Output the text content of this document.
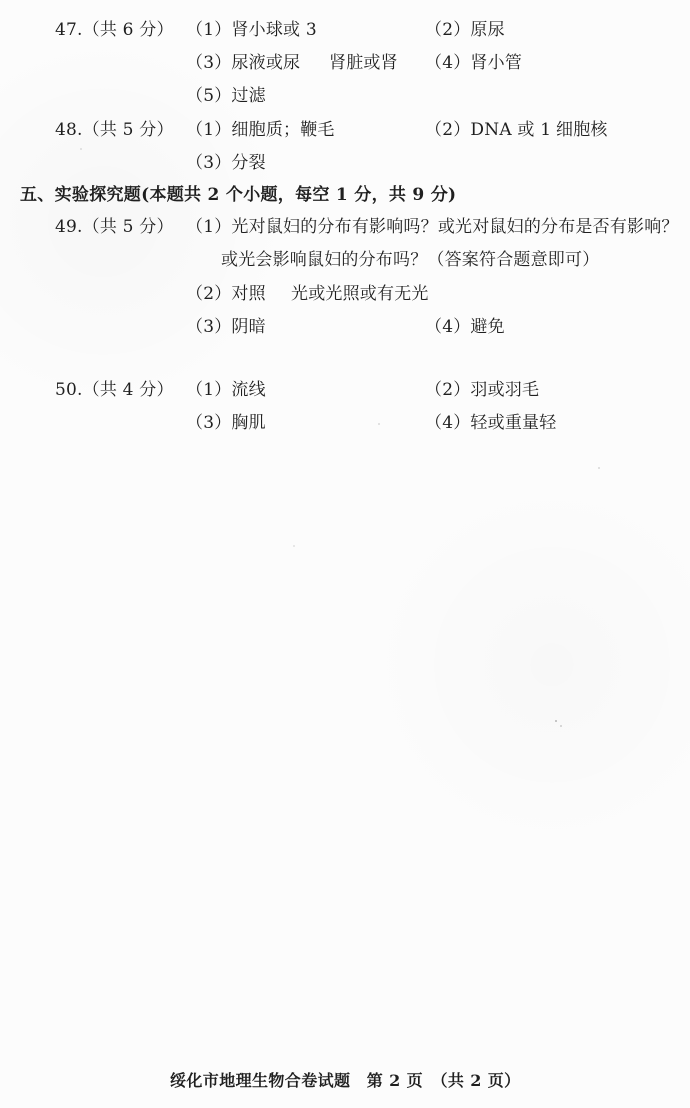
47.（共 6 分） （1）肾小球或 3	（2）原尿
（3）尿液或尿 肾脏或肾 （4）肾小管
（5）过滤
48.（共 5 分） （1）细胞质；鞭毛	（2）DNA 或 1 细胞核
（3）分裂
五、实验探究题(本题共 2 个小题，每空 1 分，共 9 分)
49.（共 5 分） （1）光对鼠妇的分布有影响吗？或光对鼠妇的分布是否有影响？
或光会影响鼠妇的分布吗？（答案符合题意即可）
（2）对照 光或光照或有无光
（3）阴暗	（4）避免
50.（共 4 分） （1）流线	（2）羽或羽毛
（3）胸肌	（4）轻或重量轻
绥化市地理生物合卷试题　第 2 页　（共 2 页）
